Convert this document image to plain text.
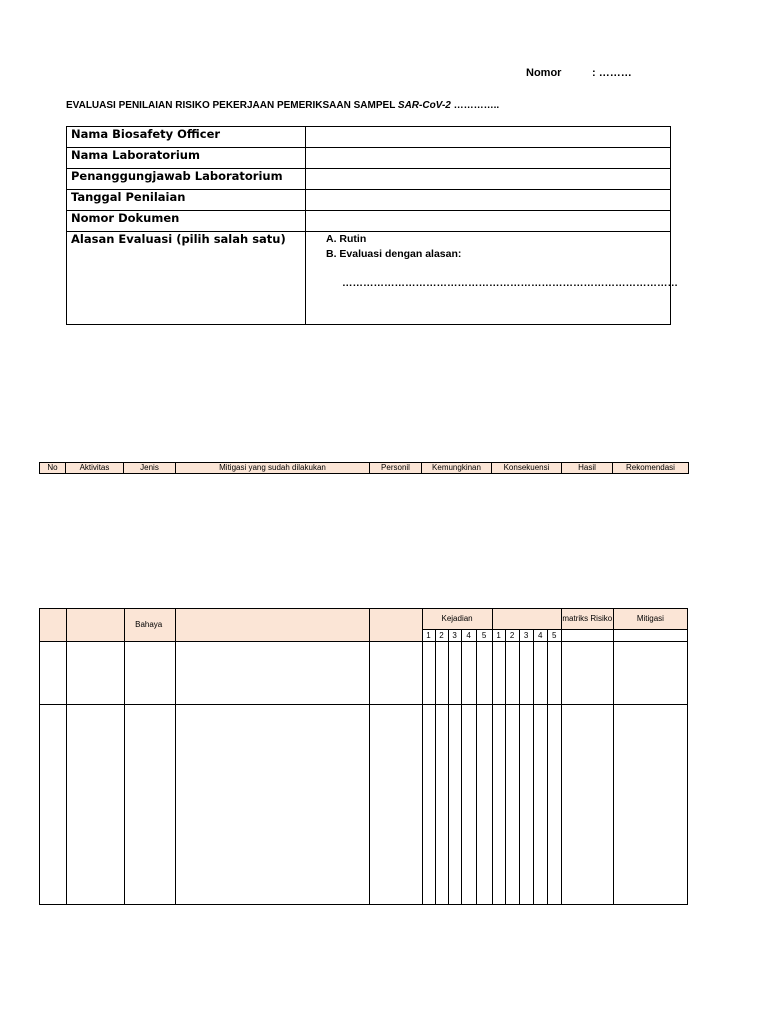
Nomor	: ………
EVALUASI PENILAIAN RISIKO PEKERJAAN PEMERIKSAAN SAMPEL SAR-CoV-2 …………..
Nama Biosafety Officer	
Nama Laboratorium	
Penanggungjawab Laboratorium	
Tanggal Penilaian	
Nomor Dokumen	
Alasan Evaluasi (pilih salah satu)	A. Rutin
B. Evaluasi dengan alasan:
……………………………………………………………………………………
No	Aktivitas	Jenis	Mitigasi yang sudah dilakukan	Personil	Kemungkinan	Konsekuensi	Hasil	Rekomendasi
		Bahaya			Kejadian										matriks Risiko	Mitigasi
					1	2	3	4	5	1	2	3	4	5		
